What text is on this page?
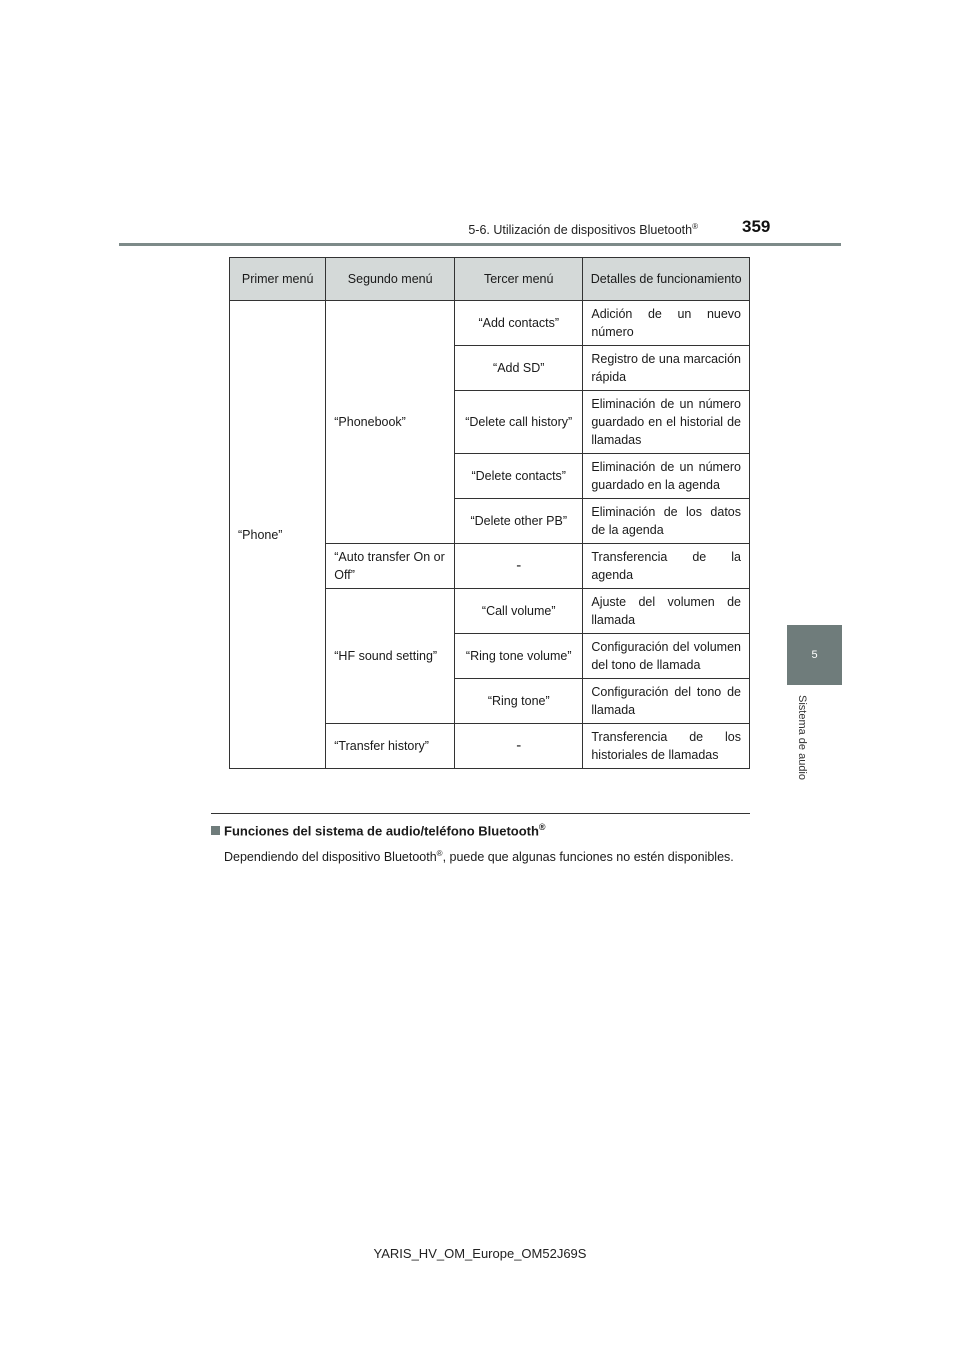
5-6. Utilización de dispositivos Bluetooth®	359
5
Sistema de audio
Primer menú	Segundo menú	Tercer menú	Detalles de funcionamiento
“Phone”	“Phonebook”	“Add contacts”	Adición de un nuevo número
		“Add SD”	Registro de una marcación rápida
		“Delete call history”	Eliminación de un número guardado en el historial de llamadas
		“Delete contacts”	Eliminación de un número guardado en la agenda
		“Delete other PB”	Eliminación de los datos de la agenda
	“Auto transfer On or Off”	-	Transferencia de la agenda
	“HF sound setting”	“Call volume”	Ajuste del volumen de llamada
		“Ring tone volume”	Configuración del volumen del tono de llamada
		“Ring tone”	Configuración del tono de llamada
	“Transfer history”	-	Transferencia de los historiales de llamadas
Funciones del sistema de audio/teléfono Bluetooth®
Dependiendo del dispositivo Bluetooth®, puede que algunas funciones no estén disponibles.
YARIS_HV_OM_Europe_OM52J69S
